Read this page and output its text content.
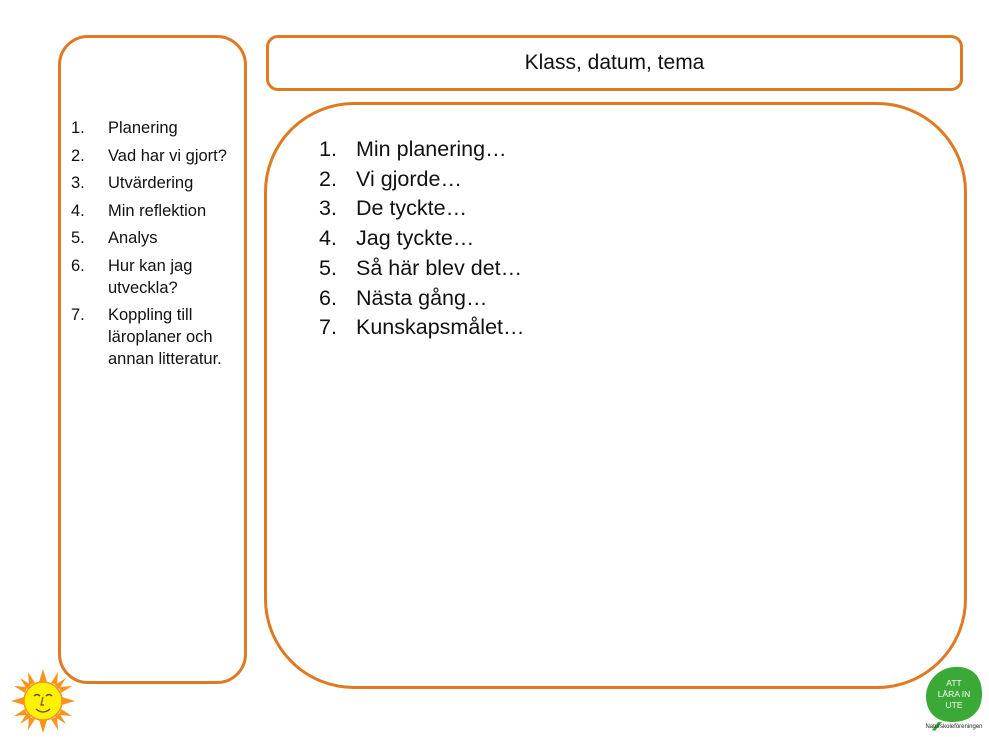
1.	Planering
2.	Vad har vi gjort?
3.	Utvärdering
4.	Min reflektion
5.	Analys
6.	Hur kan jag utveckla?
7.	Koppling till läroplaner och annan litteratur.
Klass, datum, tema
1. Min planering…
2. Vi gjorde…
3. De tyckte…
4. Jag tyckte…
5. Så här blev det…
6. Nästa gång…
7. Kunskapsmålet…
ATT
LÄRA IN
UTE
Naturskoleföreningen
